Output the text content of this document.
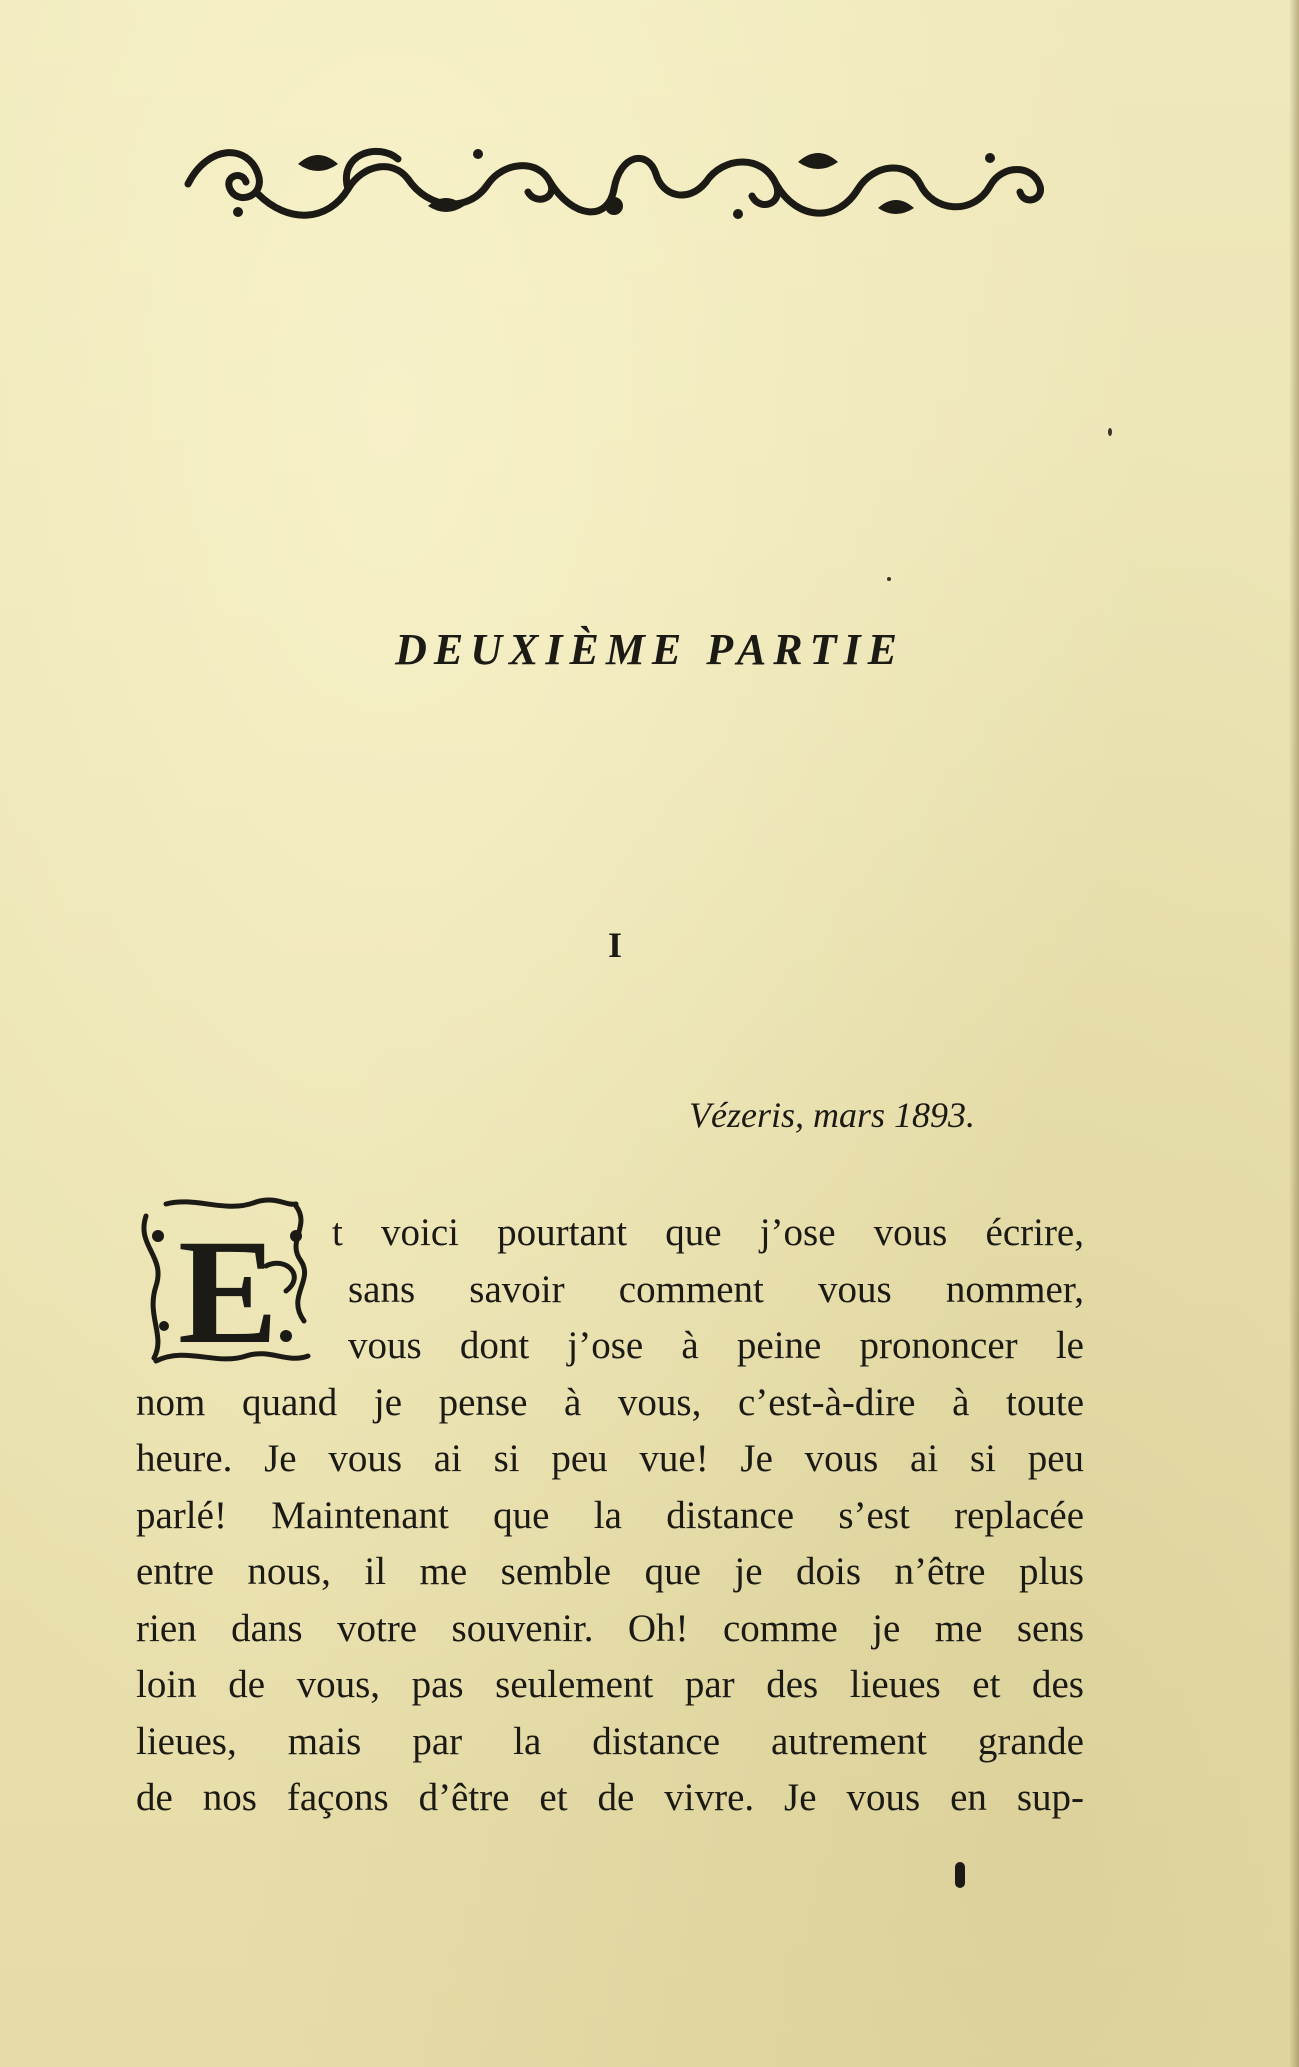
DEUXIÈME PARTIE
I
Vézeris, mars 1893.
E	t voici pourtant que j’ose vous écrire,
sans savoir comment vous nommer,
vous dont j’ose à peine prononcer le
nom quand je pense à vous, c’est-à-dire à toute
heure. Je vous ai si peu vue! Je vous ai si peu
parlé! Maintenant que la distance s’est replacée
entre nous, il me semble que je dois n’être plus
rien dans votre souvenir. Oh! comme je me sens
loin de vous, pas seulement par des lieues et des
lieues, mais par la distance autrement grande
de nos façons d’être et de vivre. Je vous en sup-
